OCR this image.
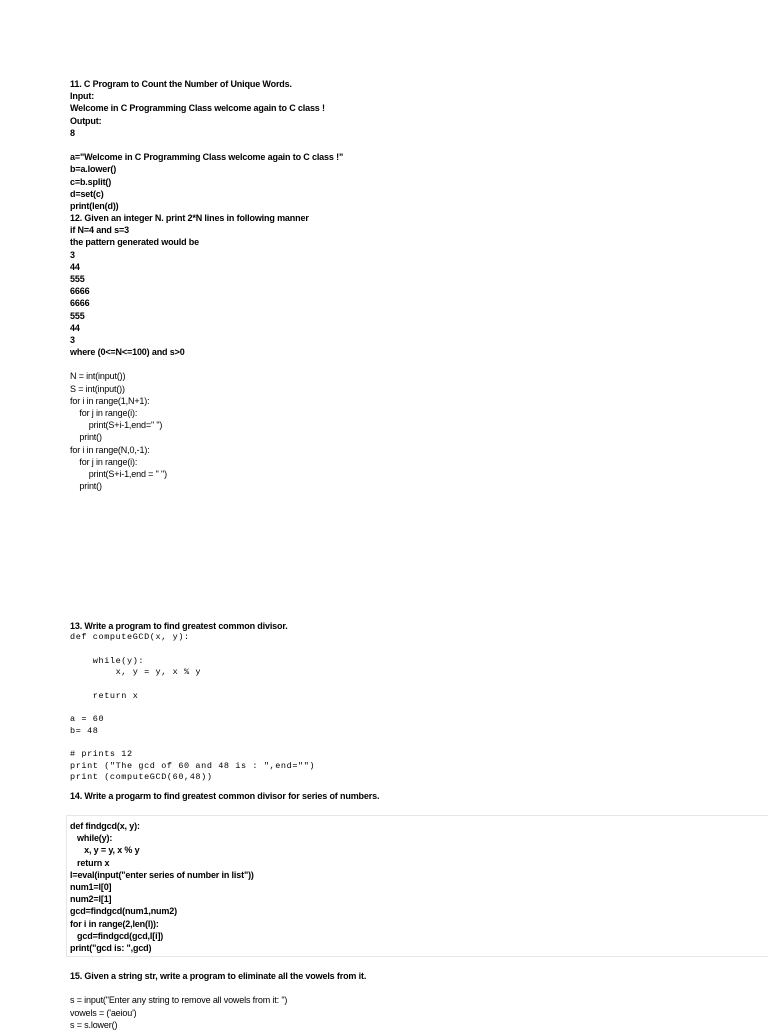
11. C Program to Count the Number of Unique Words.
Input:
Welcome in C Programming Class welcome again to C class !
Output:
8
a="Welcome in C Programming Class welcome again to C class !"
b=a.lower()
c=b.split()
d=set(c)
print(len(d))
12. Given an integer N. print 2*N lines in following manner
if N=4 and s=3
the pattern generated would be
3
44
555
6666
6666
555
44
3
where (0<=N<=100) and s>0
N = int(input())
S = int(input())
for i in range(1,N+1):
for j in range(i):
print(S+i-1,end=" ")
print()
for i in range(N,0,-1):
for j in range(i):
print(S+i-1,end = " ")
print()
13. Write a program to find greatest common divisor.
def computeGCD(x, y):
while(y):
x, y = y, x % y
return x
a = 60
b= 48
# prints 12
print ("The gcd of 60 and 48 is : ",end="")
print (computeGCD(60,48))
14. Write a progarm to find greatest common divisor for series of numbers.
def findgcd(x, y):
while(y):
x, y = y, x % y
return x
l=eval(input("enter series of number in list"))
num1=l[0]
num2=l[1]
gcd=findgcd(num1,num2)
for i in range(2,len(l)):
gcd=findgcd(gcd,l[i])
print("gcd is: ",gcd)
15. Given a string str, write a program to eliminate all the vowels from it.
s = input("Enter any string to remove all vowels from it: ")
vowels = ('aeiou')
s = s.lower()
